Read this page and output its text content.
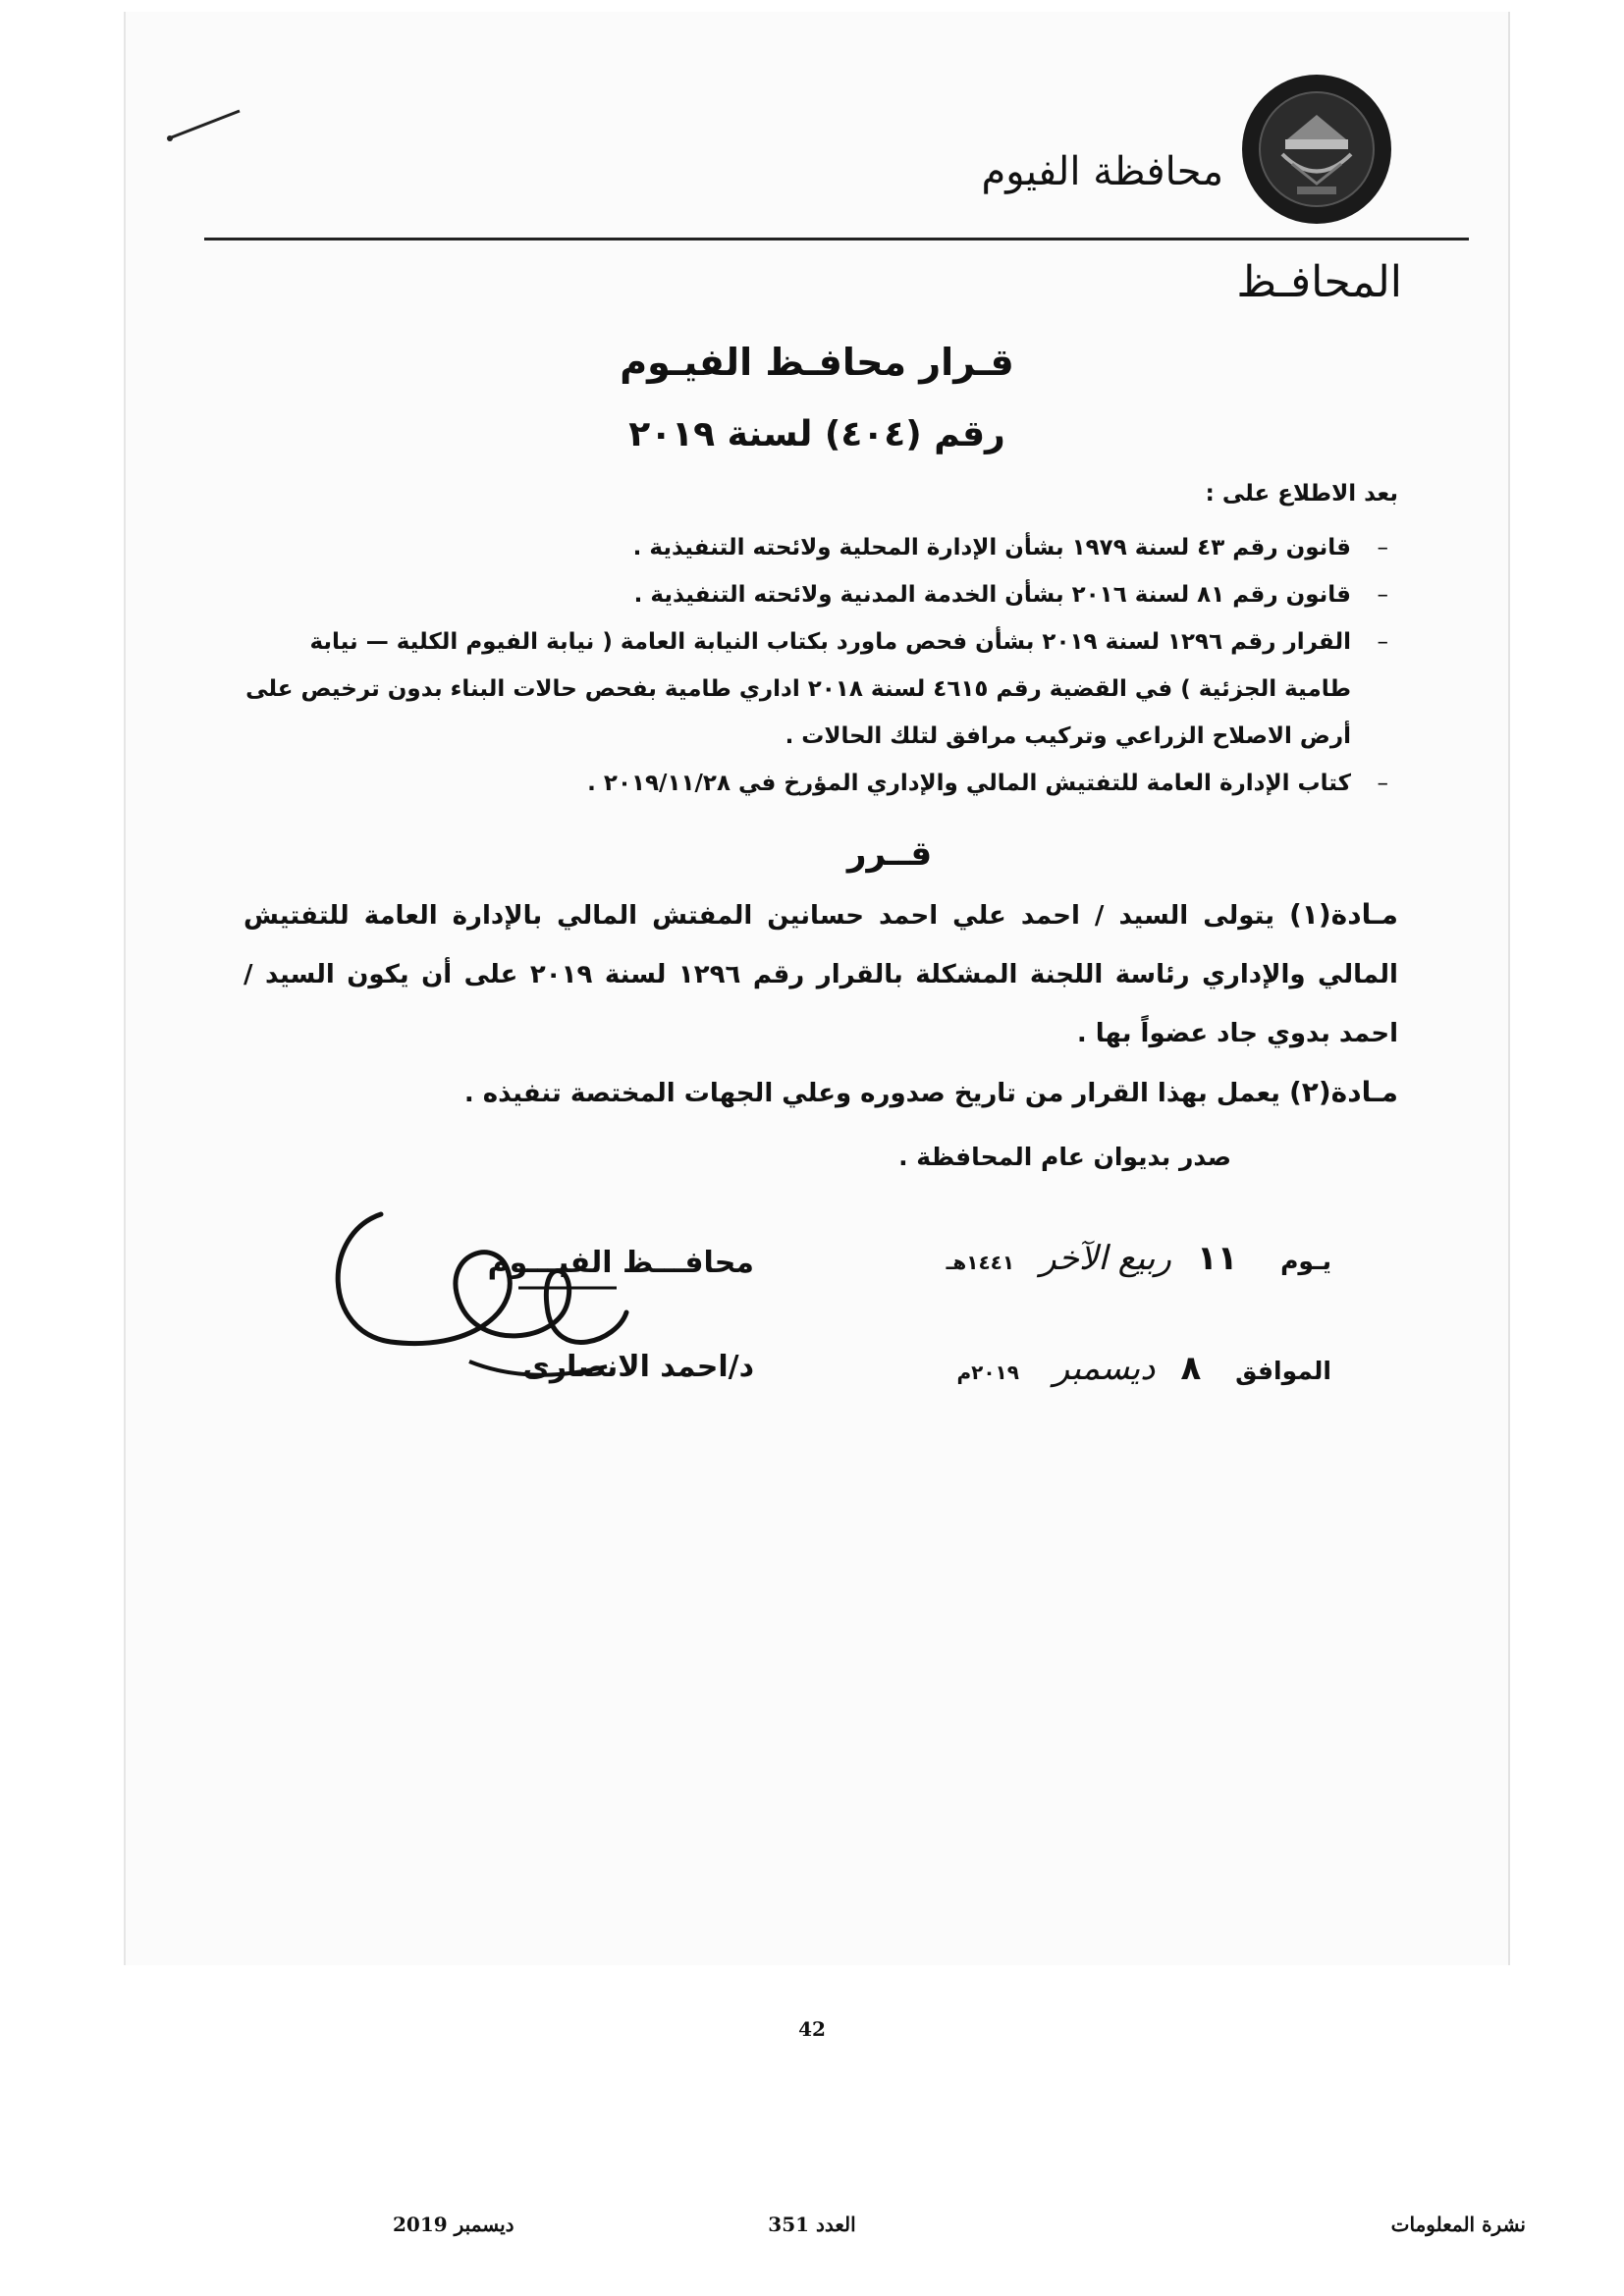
محافظة الفيوم
المحافـظ
قـرار محافـظ الفيـوم
رقم (٤٠٤) لسنة ٢٠١٩
بعد الاطلاع على :
–
قانون رقم ٤٣ لسنة ١٩٧٩ بشأن الإدارة المحلية ولائحته التنفيذية .
–
قانون رقم ٨١ لسنة ٢٠١٦ بشأن الخدمة المدنية ولائحته التنفيذية .
–
القرار رقم ١٢٩٦ لسنة ٢٠١٩ بشأن فحص ماورد بكتاب النيابة العامة ( نيابة الفيوم الكلية — نيابة طامية الجزئية ) في القضية رقم ٤٦١٥ لسنة ٢٠١٨ اداري طامية بفحص حالات البناء بدون ترخيص على أرض الاصلاح الزراعي وتركيب مرافق لتلك الحالات .
–
كتاب الإدارة العامة للتفتيش المالي والإداري المؤرخ في ٢٠١٩/١١/٢٨ .
قــرر
مـادة(١) يتولى السيد / احمد علي احمد حسانين المفتش المالي بالإدارة العامة للتفتيش المالي والإداري رئاسة اللجنة المشكلة بالقرار رقم ١٢٩٦ لسنة ٢٠١٩ على أن يكون السيد / احمد بدوي جاد عضواً بها .
مـادة(٢) يعمل بهذا القرار من تاريخ صدوره وعلي الجهات المختصة تنفيذه .
صدر بديوان عام المحافظة .
يـوم     ١١   ربيع الآخر   ١٤٤١هـ
الموافق    ٨   ديسمبر    ٢٠١٩م
محافـــظ الفيـــوم
د/احمد الانصارى
42
نشرة المعلومات
العدد 351
ديسمبر 2019
